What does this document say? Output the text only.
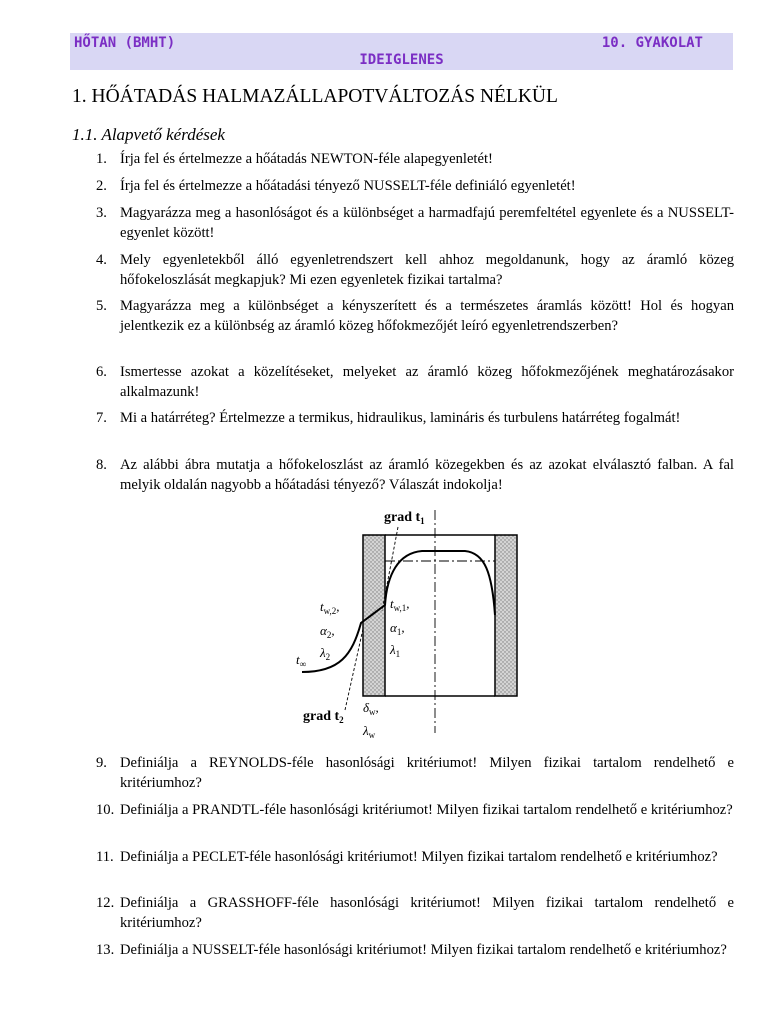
HŐTAN (BMHT)	10. GYAKOLAT
IDEIGLENES
1. HŐÁTADÁS HALMAZÁLLAPOTVÁLTOZÁS NÉLKÜL
1.1. Alapvető kérdések
1. Írja fel és értelmezze a hőátadás NEWTON-féle alapegyenletét!
2. Írja fel és értelmezze a hőátadási tényező NUSSELT-féle definiáló egyenletét!
3. Magyarázza meg a hasonlóságot és a különbséget a harmadfajú peremfeltétel egyenlete és a NUSSELT-egyenlet között!
4. Mely egyenletekből álló egyenletrendszert kell ahhoz megoldanunk, hogy az áramló közeg hőfokeloszlását megkapjuk? Mi ezen egyenletek fizikai tartalma?
5. Magyarázza meg a különbséget a kényszerített és a természetes áramlás között! Hol és hogyan jelentkezik ez a különbség az áramló közeg hőfokmezőjét leíró egyenletrendszerben?
6. Ismertesse azokat a közelítéseket, melyeket az áramló közeg hőfokmezőjének meghatározásakor alkalmazunk!
7. Mi a határréteg? Értelmezze a termikus, hidraulikus, lamináris és turbulens határréteg fogalmát!
8. Az alábbi ábra mutatja a hőfokeloszlást az áramló közegekben és az azokat elválasztó falban. A fal melyik oldalán nagyobb a hőátadási tényező? Válaszát indokolja!
grad $t_1$
grad $t_2$
$t_{w,2}$,
$\alpha_2$,
$\lambda_2$
$t_\infty$
$t_{w,1}$,
$\alpha_1$,
$\lambda_1$
$\delta_w$,
$\lambda_w$
9. Definiálja a REYNOLDS-féle hasonlósági kritériumot! Milyen fizikai tartalom rendelhető e kritériumhoz?
10. Definiálja a PRANDTL-féle hasonlósági kritériumot! Milyen fizikai tartalom rendelhető e kritériumhoz?
11. Definiálja a PECLET-féle hasonlósági kritériumot! Milyen fizikai tartalom rendelhető e kritériumhoz?
12. Definiálja a GRASSHOFF-féle hasonlósági kritériumot! Milyen fizikai tartalom rendelhető e kritériumhoz?
13. Definiálja a NUSSELT-féle hasonlósági kritériumot! Milyen fizikai tartalom rendelhető e kritériumhoz?
